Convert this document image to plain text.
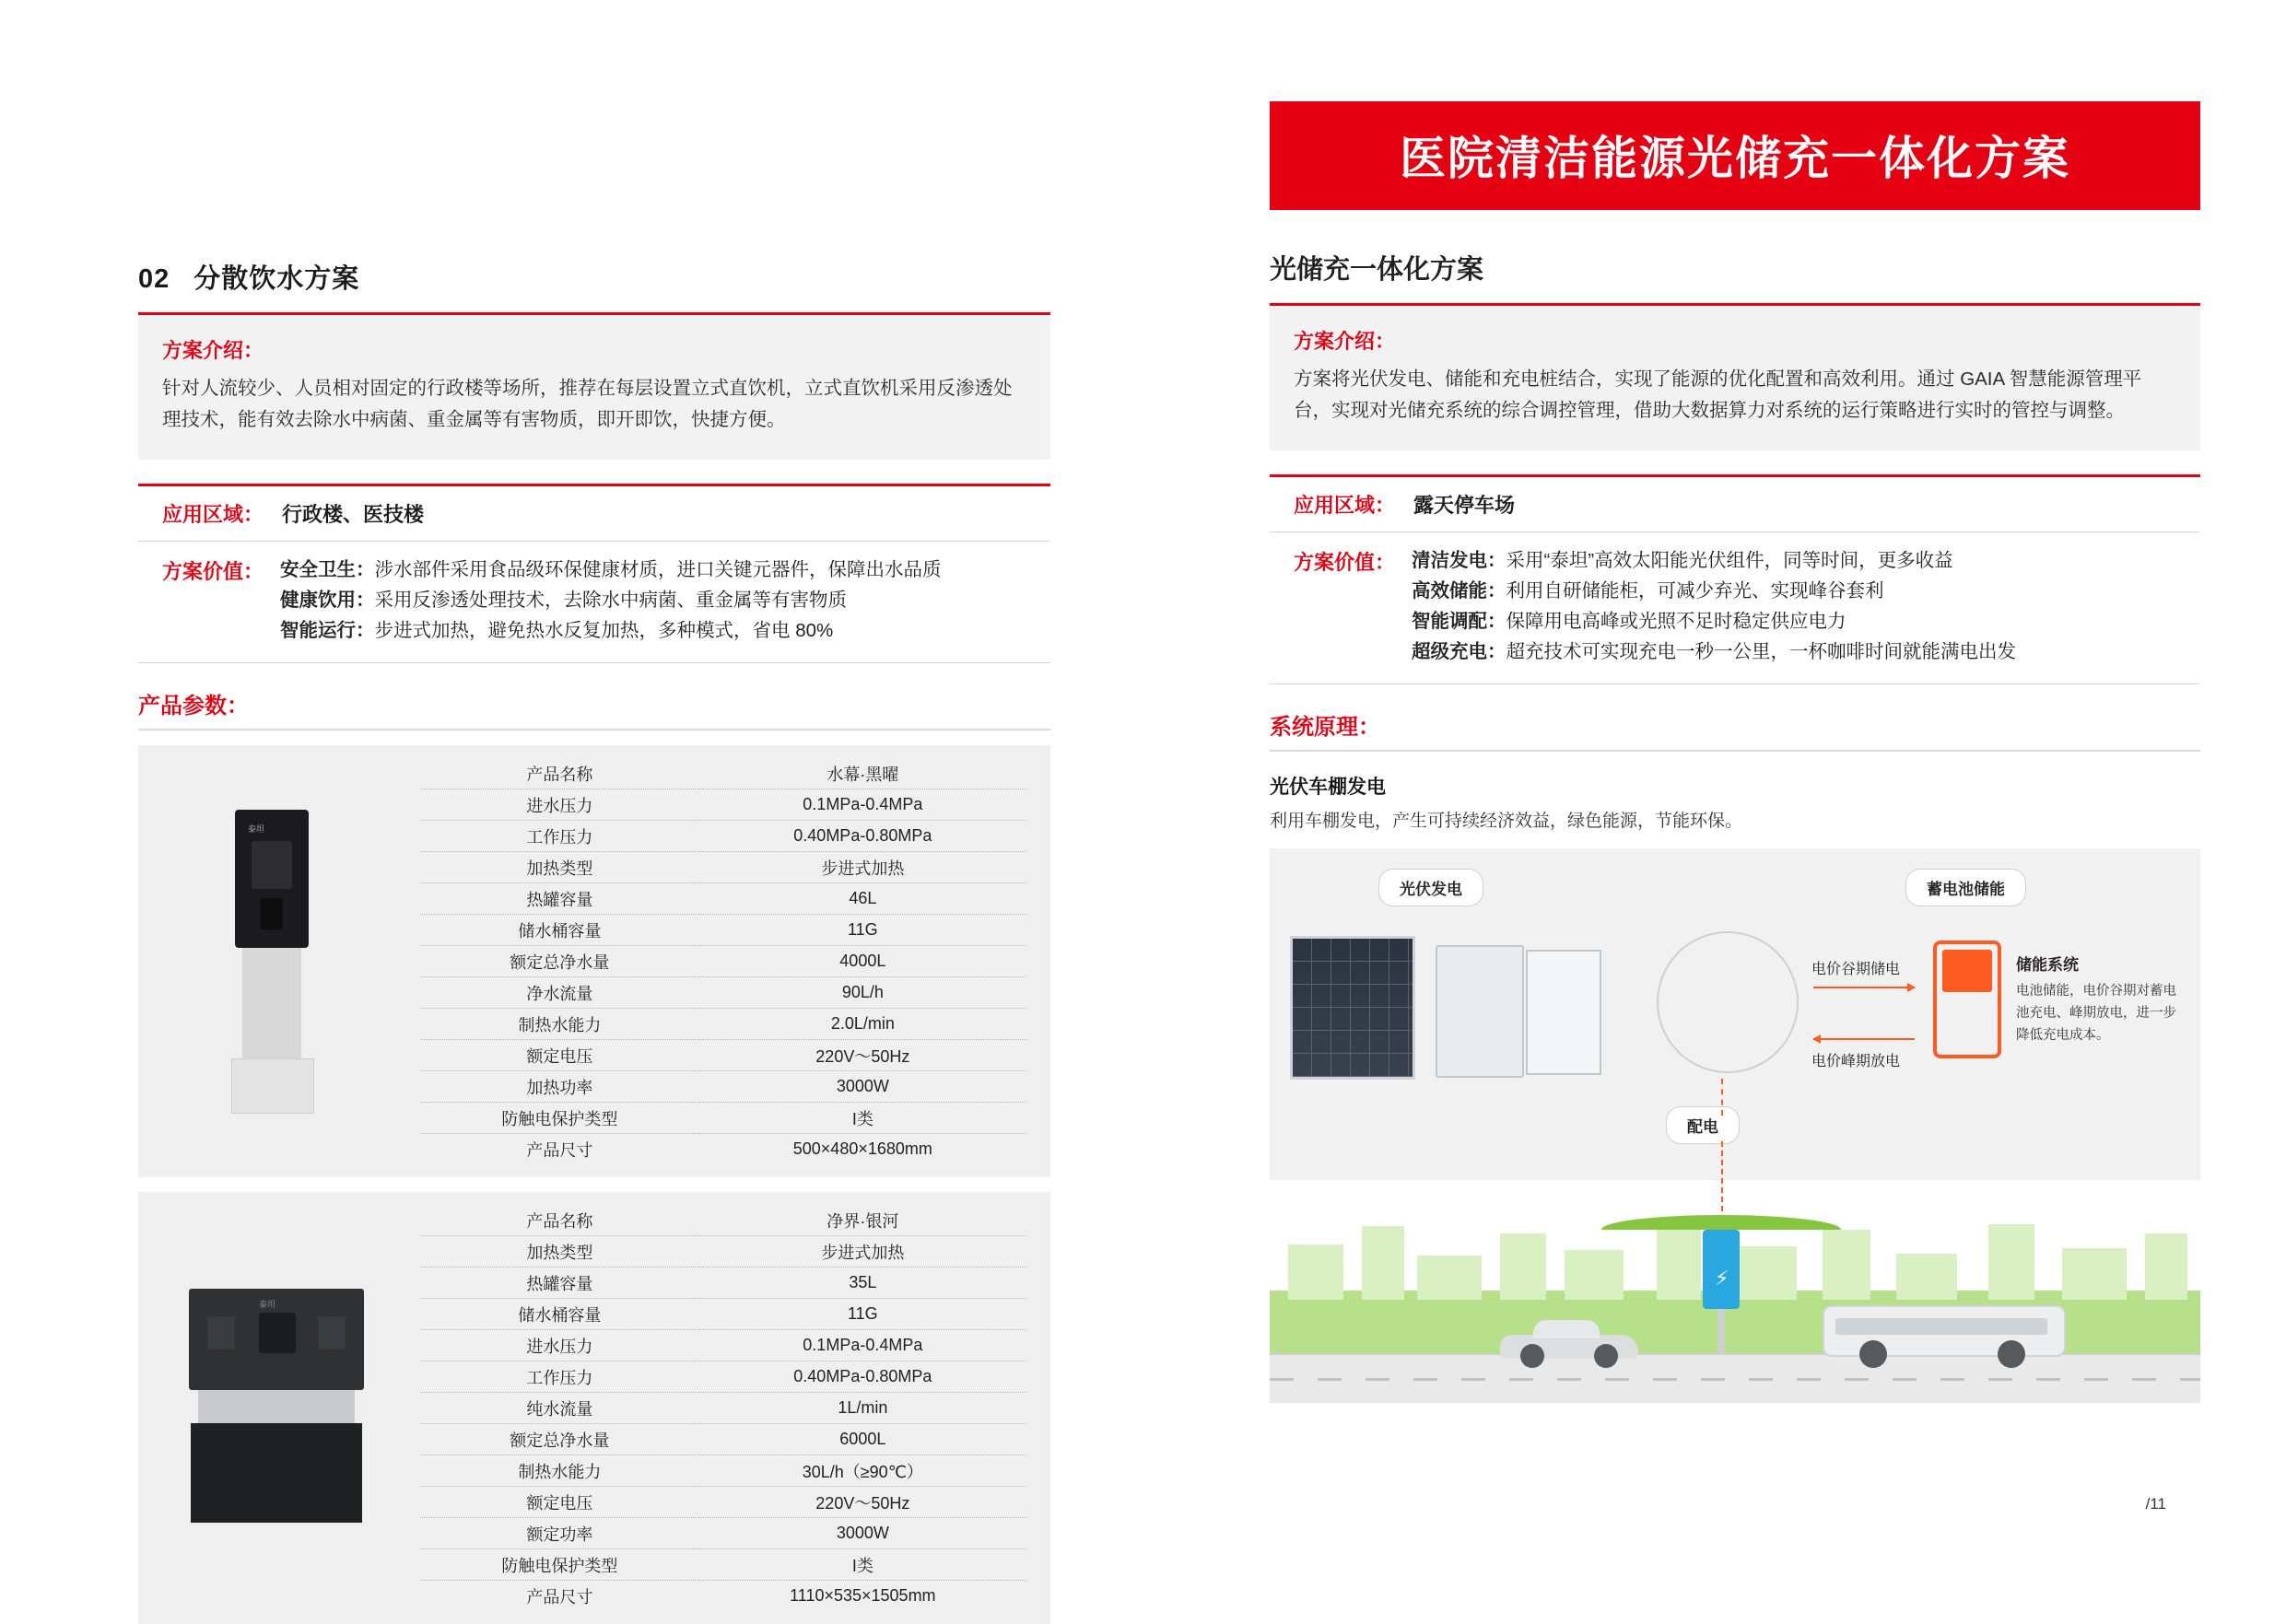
02 分散饮水方案
方案介绍：
针对人流较少、人员相对固定的行政楼等场所，推荐在每层设置立式直饮机，立式直饮机采用反渗透处理技术，能有效去除水中病菌、重金属等有害物质，即开即饮，快捷方便。
应用区域： 行政楼、医技楼
方案价值： 安全卫生：涉水部件采用食品级环保健康材质，进口关键元器件，保障出水品质
健康饮用：采用反渗透处理技术，去除水中病菌、重金属等有害物质
智能运行：步进式加热，避免热水反复加热，多种模式，省电 80%
产品参数：
泰坦
产品名称	水幕·黑曜
进水压力	0.1MPa-0.4MPa
工作压力	0.40MPa-0.80MPa
加热类型	步进式加热
热罐容量	46L
储水桶容量	11G
额定总净水量	4000L
净水流量	90L/h
制热水能力	2.0L/min
额定电压	220V～50Hz
加热功率	3000W
防触电保护类型	I类
产品尺寸	500×480×1680mm
泰坦
产品名称	净界·银河
加热类型	步进式加热
热罐容量	35L
储水桶容量	11G
进水压力	0.1MPa-0.4MPa
工作压力	0.40MPa-0.80MPa
纯水流量	1L/min
额定总净水量	6000L
制热水能力	30L/h（≥90℃）
额定电压	220V～50Hz
额定功率	3000W
防触电保护类型	I类
产品尺寸	1110×535×1505mm
医院清洁能源光储充一体化方案
光储充一体化方案
方案介绍：
方案将光伏发电、储能和充电桩结合，实现了能源的优化配置和高效利用。通过 GAIA 智慧能源管理平台，实现对光储充系统的综合调控管理，借助大数据算力对系统的运行策略进行实时的管控与调整。
应用区域： 露天停车场
方案价值： 清洁发电：采用“泰坦”高效太阳能光伏组件，同等时间，更多收益
高效储能：利用自研储能柜，可减少弃光、实现峰谷套利
智能调配：保障用电高峰或光照不足时稳定供应电力
超级充电：超充技术可实现充电一秒一公里，一杯咖啡时间就能满电出发
系统原理：
光伏车棚发电
利用车棚发电，产生可持续经济效益，绿色能源，节能环保。
光伏发电	蓄电池储能
配电
电价谷期储电
电价峰期放电
储能系统
电池储能，电价谷期对蓄电池充电、峰期放电，进一步降低充电成本。
⚡
/11
